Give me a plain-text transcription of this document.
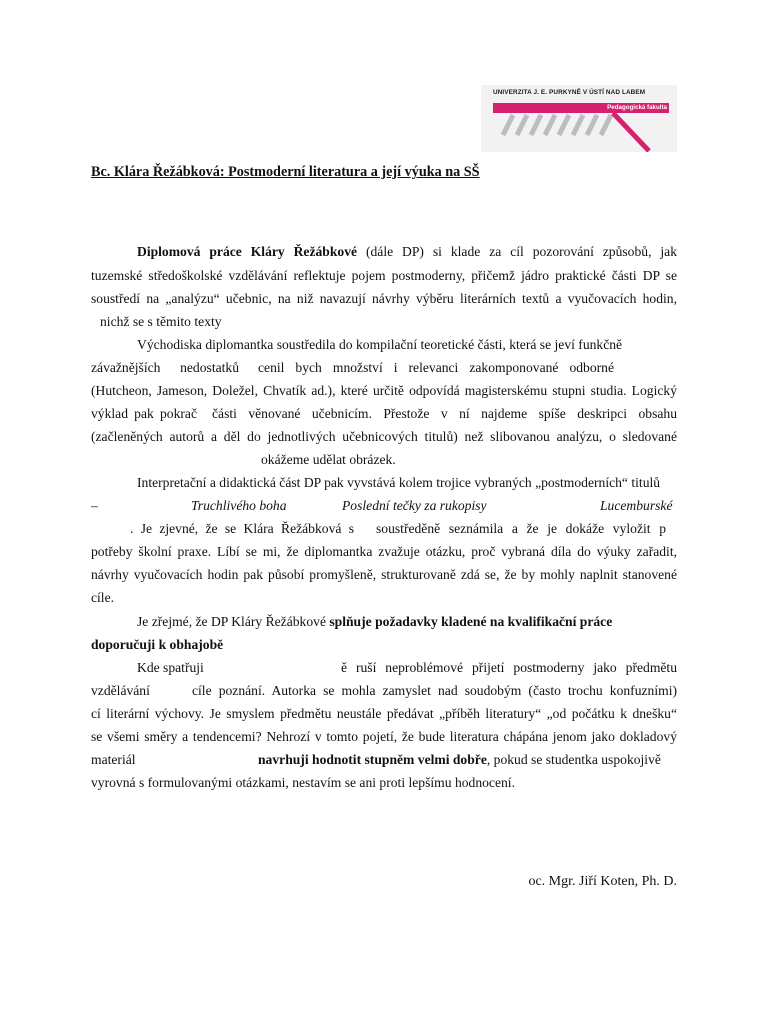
UNIVERZITA J. E. PURKYNĚ V ÚSTÍ NAD LABEM
Pedagogická fakulta
Bc. Klára Řežábková: Postmoderní literatura a její výuka na SŠ
Diplomová práce Kláry Řežábkové (dále DP) si klade za cíl pozorování způsobů, jak
tuzemské středoškolské vzdělávání reflektuje pojem postmoderny, přičemž jádro praktické části DP se
soustředí na „analýzu“ učebnic, na niž navazují návrhy výběru literárních textů a vyučovacích hodin,
nichž se s těmito texty
Východiska diplomantka soustředila do kompilační teoretické části, která se jeví funkčně
závažnějších nedostatků cenil bych množství i relevanci zakomponované odborné
(Hutcheon, Jameson, Doležel, Chvatík ad.), které určitě odpovídá magisterskému stupni studia. Logický
výklad pak pokrač části věnované učebnicím. Přestože v ní najdeme spíše deskripci obsahu
(začleněných autorů a děl do jednotlivých učebnicových titulů) než slibovanou analýzu, o sledované
okážeme udělat obrázek.
Interpretační a didaktická část DP pak vyvstává kolem trojice vybraných „postmoderních“ titulů
–	Truchlivého boha	Poslední tečky za rukopisy	Lucemburské
. Je zjevné, že se Klára Řežábková s soustředěně seznámila a že je dokáže vyložit p
potřeby školní praxe. Líbí se mi, že diplomantka zvažuje otázku, proč vybraná díla do výuky zařadit,
návrhy vyučovacích hodin pak působí promyšleně, strukturovaně zdá se, že by mohly naplnit stanovené
cíle.
Je zřejmé, že DP Kláry Řežábkové splňuje požadavky kladené na kvalifikační práce
doporučuji k obhajobě
Kde spatřuji	ě ruší neproblémové přijetí postmoderny jako předmětu
vzdělávání	cíle poznání. Autorka se mohla zamyslet nad soudobým (často trochu konfuzními)
cí literární výchovy. Je smyslem předmětu neustále předávat „příběh literatury“ „od počátku k dnešku“
se všemi směry a tendencemi? Nehrozí v tomto pojetí, že bude literatura chápána jenom jako dokladový
materiál	navrhuji hodnotit stupněm velmi dobře, pokud se studentka uspokojivě
vyrovná s formulovanými otázkami, nestavím se ani proti lepšímu hodnocení.
oc. Mgr. Jiří Koten, Ph. D.
